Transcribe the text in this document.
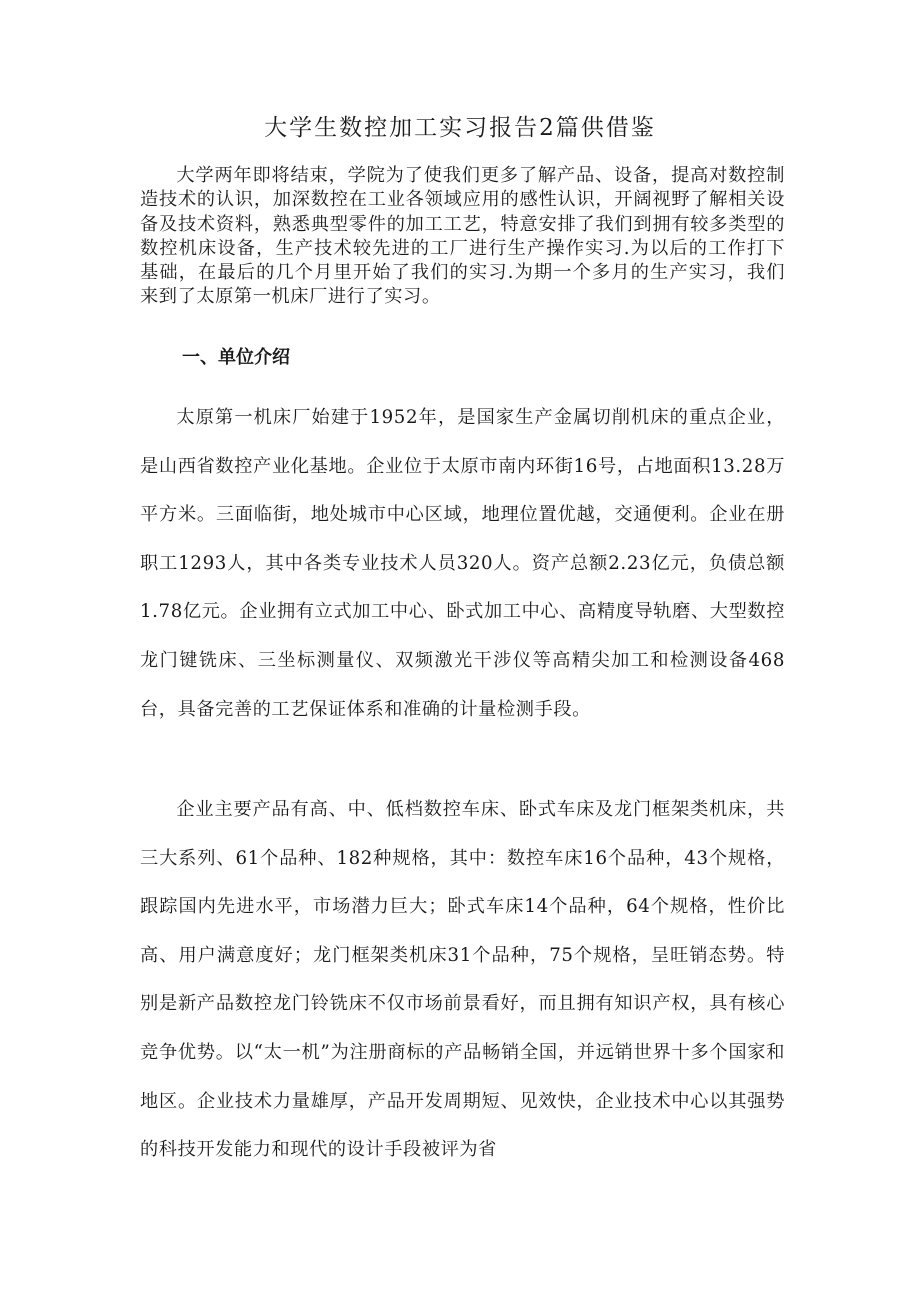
大学生数控加工实习报告2篇供借鉴

大学两年即将结束，学院为了使我们更多了解产品、设备，提高对数控制造技术的认识，加深数控在工业各领域应用的感性认识，开阔视野了解相关设备及技术资料，熟悉典型零件的加工工艺，特意安排了我们到拥有较多类型的数控机床设备，生产技术较先进的工厂进行生产操作实习.为以后的工作打下基础，在最后的几个月里开始了我们的实习.为期一个多月的生产实习，我们来到了太原第一机床厂进行了实习。

一、单位介绍

太原第一机床厂始建于1952年，是国家生产金属切削机床的重点企业，是山西省数控产业化基地。企业位于太原市南内环街16号，占地面积13.28万平方米。三面临街，地处城市中心区域，地理位置优越，交通便利。企业在册职工1293人，其中各类专业技术人员320人。资产总额2.23亿元，负债总额1.78亿元。企业拥有立式加工中心、卧式加工中心、高精度导轨磨、大型数控龙门键铣床、三坐标测量仪、双频激光干涉仪等高精尖加工和检测设备468台，具备完善的工艺保证体系和准确的计量检测手段。

企业主要产品有高、中、低档数控车床、卧式车床及龙门框架类机床，共三大系列、61个品种、182种规格，其中：数控车床16个品种，43个规格，跟踪国内先进水平，市场潜力巨大；卧式车床14个品种，64个规格，性价比高、用户满意度好；龙门框架类机床31个品种，75个规格，呈旺销态势。特别是新产品数控龙门铃铣床不仅市场前景看好，而且拥有知识产权，具有核心竞争优势。以“太一机”为注册商标的产品畅销全国，并远销世界十多个国家和地区。企业技术力量雄厚，产品开发周期短、见效快，企业技术中心以其强势的科技开发能力和现代的设计手段被评为省
